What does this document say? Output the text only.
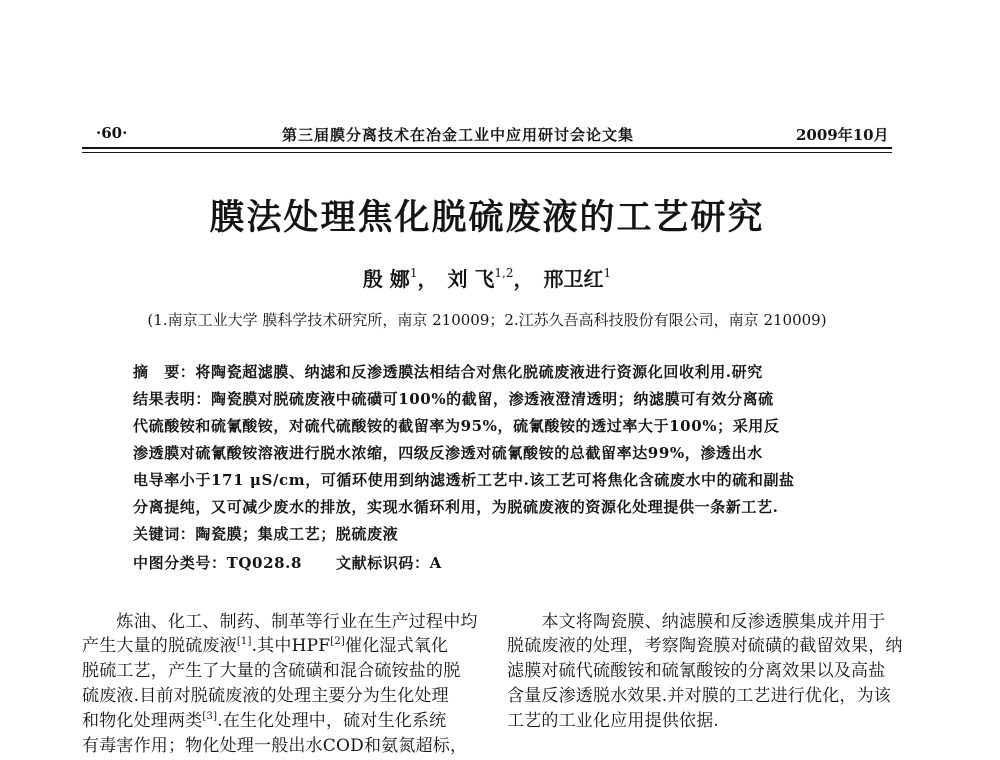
·60·	第三届膜分离技术在冶金工业中应用研讨会论文集	2009年10月
膜法处理焦化脱硫废液的工艺研究
殷 娜$^1$， 刘 飞$^{1,2}$， 邢卫红$^1$
(1.南京工业大学 膜科学技术研究所，南京 210009；2.江苏久吾高科技股份有限公司，南京 210009)
摘　要：将陶瓷超滤膜、纳滤和反渗透膜法相结合对焦化脱硫废液进行资源化回收利用.研究
结果表明：陶瓷膜对脱硫废液中硫磺可100%的截留，渗透液澄清透明；纳滤膜可有效分离硫
代硫酸铵和硫氰酸铵，对硫代硫酸铵的截留率为95%，硫氰酸铵的透过率大于100%；采用反
渗透膜对硫氰酸铵溶液进行脱水浓缩，四级反渗透对硫氰酸铵的总截留率达99%，渗透出水
电导率小于171 μS/cm，可循环使用到纳滤透析工艺中.该工艺可将焦化含硫废水中的硫和副盐
分离提纯，又可减少废水的排放，实现水循环利用，为脱硫废液的资源化处理提供一条新工艺.
关键词：陶瓷膜；集成工艺；脱硫废液
中图分类号：TQ028.8 文献标识码：A
　　炼油、化工、制药、制革等行业在生产过程中均
产生大量的脱硫废液[1].其中HPF[2]催化湿式氧化
脱硫工艺，产生了大量的含硫磺和混合硫铵盐的脱
硫废液.目前对脱硫废液的处理主要分为生化处理
和物化处理两类[3].在生化处理中，硫对生化系统
有毒害作用；物化处理一般出水COD和氨氮超标，
　　本文将陶瓷膜、纳滤膜和反渗透膜集成并用于
脱硫废液的处理，考察陶瓷膜对硫磺的截留效果，纳
滤膜对硫代硫酸铵和硫氰酸铵的分离效果以及高盐
含量反渗透脱水效果.并对膜的工艺进行优化，为该
工艺的工业化应用提供依据.
